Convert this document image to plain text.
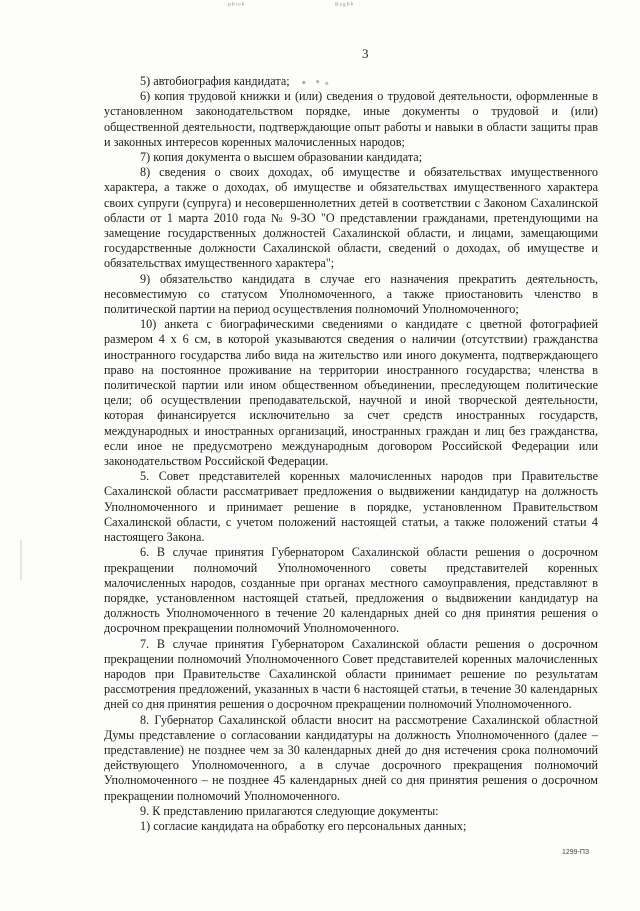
ᵖᵇᶦᵒᵏ	ᴿᵉᵍᵇᵏ
3

5) автобиография кандидата;

6) копия трудовой книжки и (или) сведения о трудовой деятельности, оформленные в установленном законодательством порядке, иные документы о трудовой и (или) общественной деятельности, подтверждающие опыт работы и навыки в области защиты прав и законных интересов коренных малочисленных народов;

7) копия документа о высшем образовании кандидата;

8) сведения о своих доходах, об имуществе и обязательствах имущественного характера, а также о доходах, об имуществе и обязательствах имущественного характера своих супруги (супруга) и несовершеннолетних детей в соответствии с Законом Сахалинской области от 1 марта 2010 года № 9-ЗО "О представлении гражданами, претендующими на замещение государственных должностей Сахалинской области, и лицами, замещающими государственные должности Сахалинской области, сведений о доходах, об имуществе и обязательствах имущественного характера";

9) обязательство кандидата в случае его назначения прекратить деятельность, несовместимую со статусом Уполномоченного, а также приостановить членство в политической партии на период осуществления полномочий Уполномоченного;

10) анкета с биографическими сведениями о кандидате с цветной фотографией размером 4 х 6 см, в которой указываются сведения о наличии (отсутствии) гражданства иностранного государства либо вида на жительство или иного документа, подтверждающего право на постоянное проживание на территории иностранного государства; членства в политической партии или ином общественном объединении, преследующем политические цели; об осуществлении преподавательской, научной и иной творческой деятельности, которая финансируется исключительно за счет средств иностранных государств, международных и иностранных организаций, иностранных граждан и лиц без гражданства, если иное не предусмотрено международным договором Российской Федерации или законодательством Российской Федерации.

5. Совет представителей коренных малочисленных народов при Правительстве Сахалинской области рассматривает предложения о выдвижении кандидатур на должность Уполномоченного и принимает решение в порядке, установленном Правительством Сахалинской области, с учетом положений настоящей статьи, а также положений статьи 4 настоящего Закона.

6. В случае принятия Губернатором Сахалинской области решения о досрочном прекращении полномочий Уполномоченного советы представителей коренных малочисленных народов, созданные при органах местного самоуправления, представляют в порядке, установленном настоящей статьей, предложения о выдвижении кандидатур на должность Уполномоченного в течение 20 календарных дней со дня принятия решения о досрочном прекращении полномочий Уполномоченного.

7. В случае принятия Губернатором Сахалинской области решения о досрочном прекращении полномочий Уполномоченного Совет представителей коренных малочисленных народов при Правительстве Сахалинской области принимает решение по результатам рассмотрения предложений, указанных в части 6 настоящей статьи, в течение 30 календарных дней со дня принятия решения о досрочном прекращении полномочий Уполномоченного.

8. Губернатор Сахалинской области вносит на рассмотрение Сахалинской областной Думы представление о согласовании кандидатуры на должность Уполномоченного (далее – представление) не позднее чем за 30 календарных дней до дня истечения срока полномочий действующего Уполномоченного, а в случае досрочного прекращения полномочий Уполномоченного – не позднее 45 календарных дней со дня принятия решения о досрочном прекращении полномочий Уполномоченного.

9. К представлению прилагаются следующие документы:

1) согласие кандидата на обработку его персональных данных;

1299-ПЗ
